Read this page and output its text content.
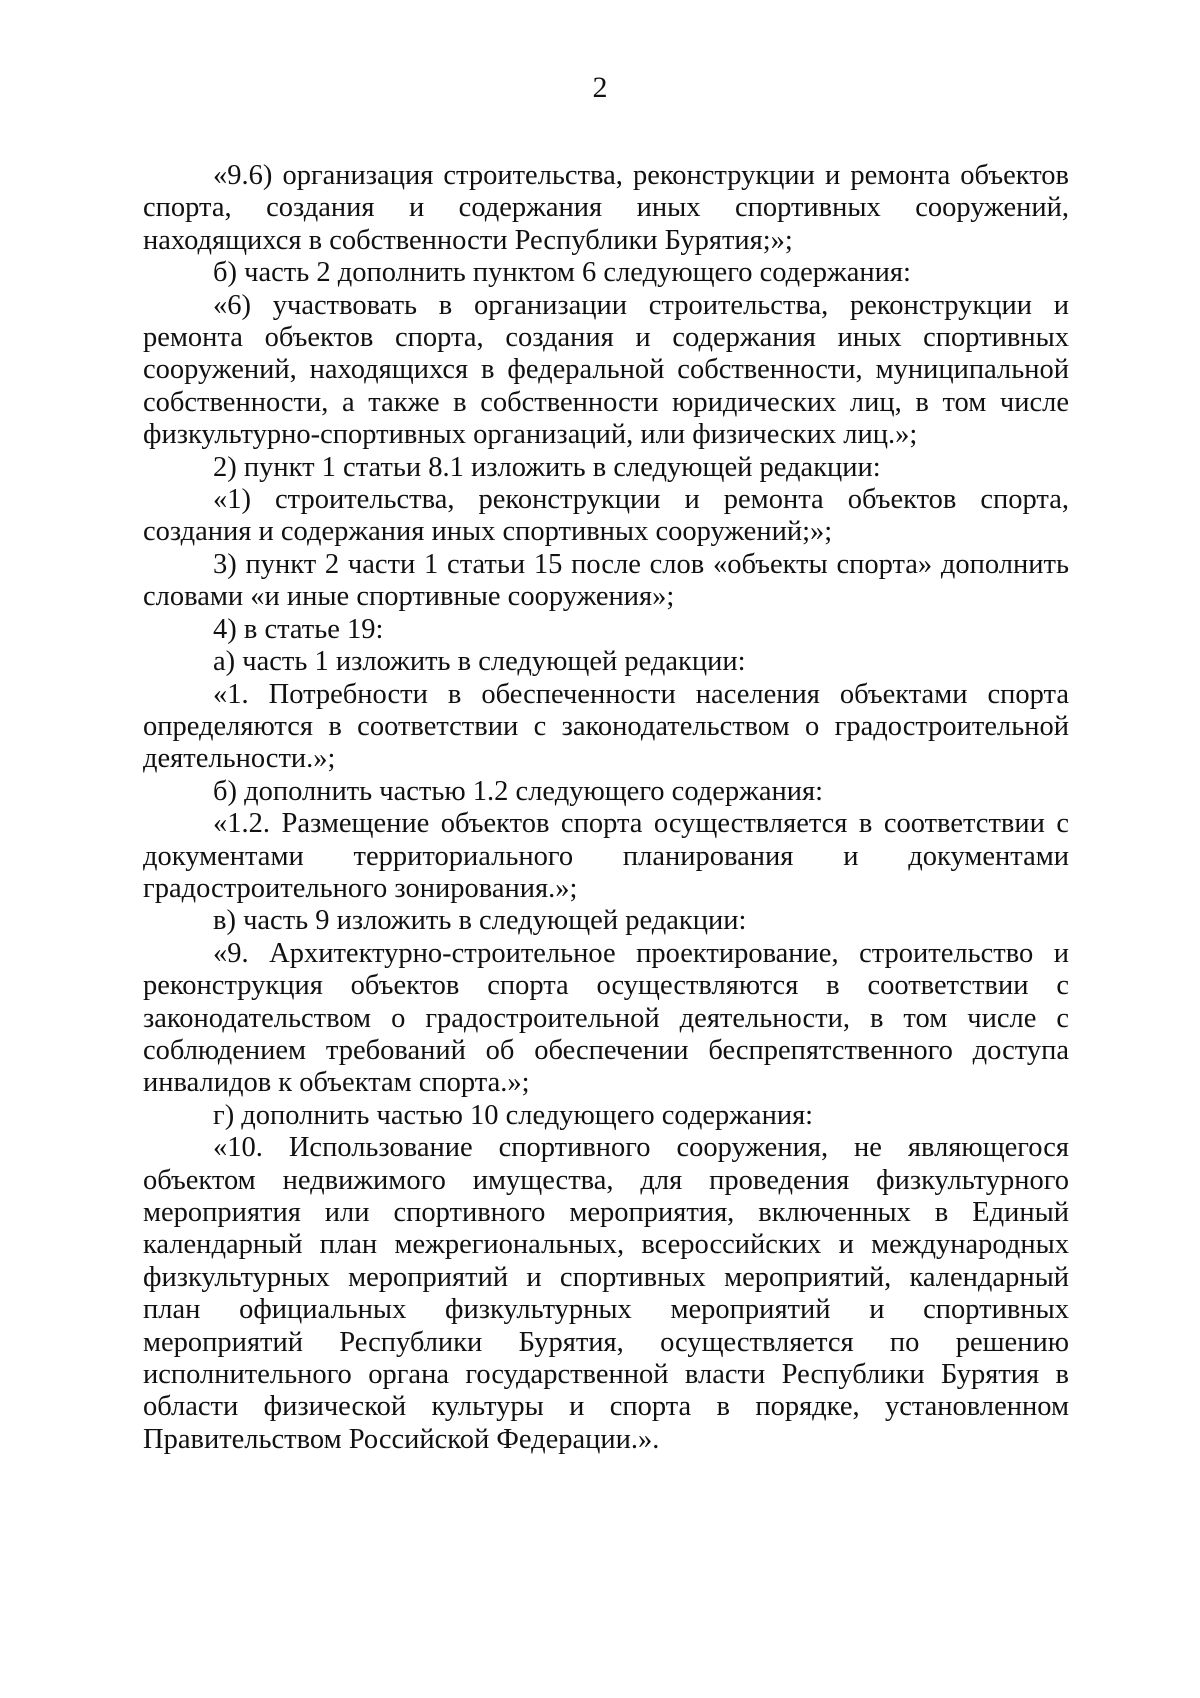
2

«9.6) организация строительства, реконструкции и ремонта объектов спорта, создания и содержания иных спортивных сооружений, находящихся в собственности Республики Бурятия;»;

б) часть 2 дополнить пунктом 6 следующего содержания:

«6) участвовать в организации строительства, реконструкции и ремонта объектов спорта, создания и содержания иных спортивных сооружений, находящихся в федеральной собственности, муниципальной собственности, а также в собственности юридических лиц, в том числе физкультурно-спортивных организаций, или физических лиц.»;

2) пункт 1 статьи 8.1 изложить в следующей редакции:

«1) строительства, реконструкции и ремонта объектов спорта, создания и содержания иных спортивных сооружений;»;

3) пункт 2 части 1 статьи 15 после слов «объекты спорта» дополнить словами «и иные спортивные сооружения»;

4) в статье 19:

а) часть 1 изложить в следующей редакции:

«1. Потребности в обеспеченности населения объектами спорта определяются в соответствии с законодательством о градостроительной деятельности.»;

б) дополнить частью 1.2 следующего содержания:

«1.2. Размещение объектов спорта осуществляется в соответствии с документами территориального планирования и документами градостроительного зонирования.»;

в) часть 9 изложить в следующей редакции:

«9. Архитектурно-строительное проектирование, строительство и реконструкция объектов спорта осуществляются в соответствии с законодательством о градостроительной деятельности, в том числе с соблюдением требований об обеспечении беспрепятственного доступа инвалидов к объектам спорта.»;

г) дополнить частью 10 следующего содержания:

«10. Использование спортивного сооружения, не являющегося объектом недвижимого имущества, для проведения физкультурного мероприятия или спортивного мероприятия, включенных в Единый календарный план межрегиональных, всероссийских и международных физкультурных мероприятий и спортивных мероприятий, календарный план официальных физкультурных мероприятий и спортивных мероприятий Республики Бурятия, осуществляется по решению исполнительного органа государственной власти Республики Бурятия в области физической культуры и спорта в порядке, установленном Правительством Российской Федерации.».
